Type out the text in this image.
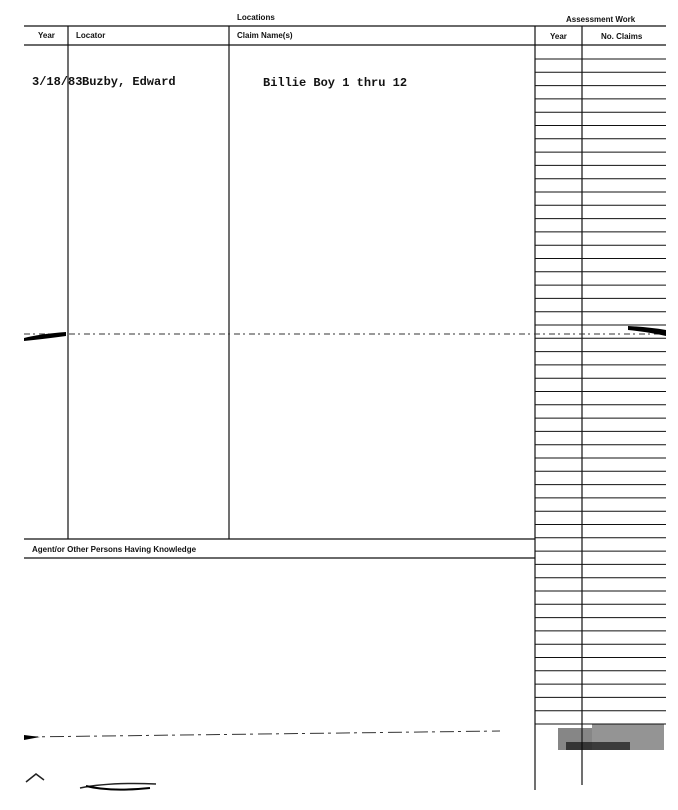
Locations	Assessment Work
Year	Locator	Claim Name(s)	Year	No. Claims
Agent/or Other Persons Having Knowledge
3/18/83 Buzby, Edward	Billie Boy 1 thru 12
